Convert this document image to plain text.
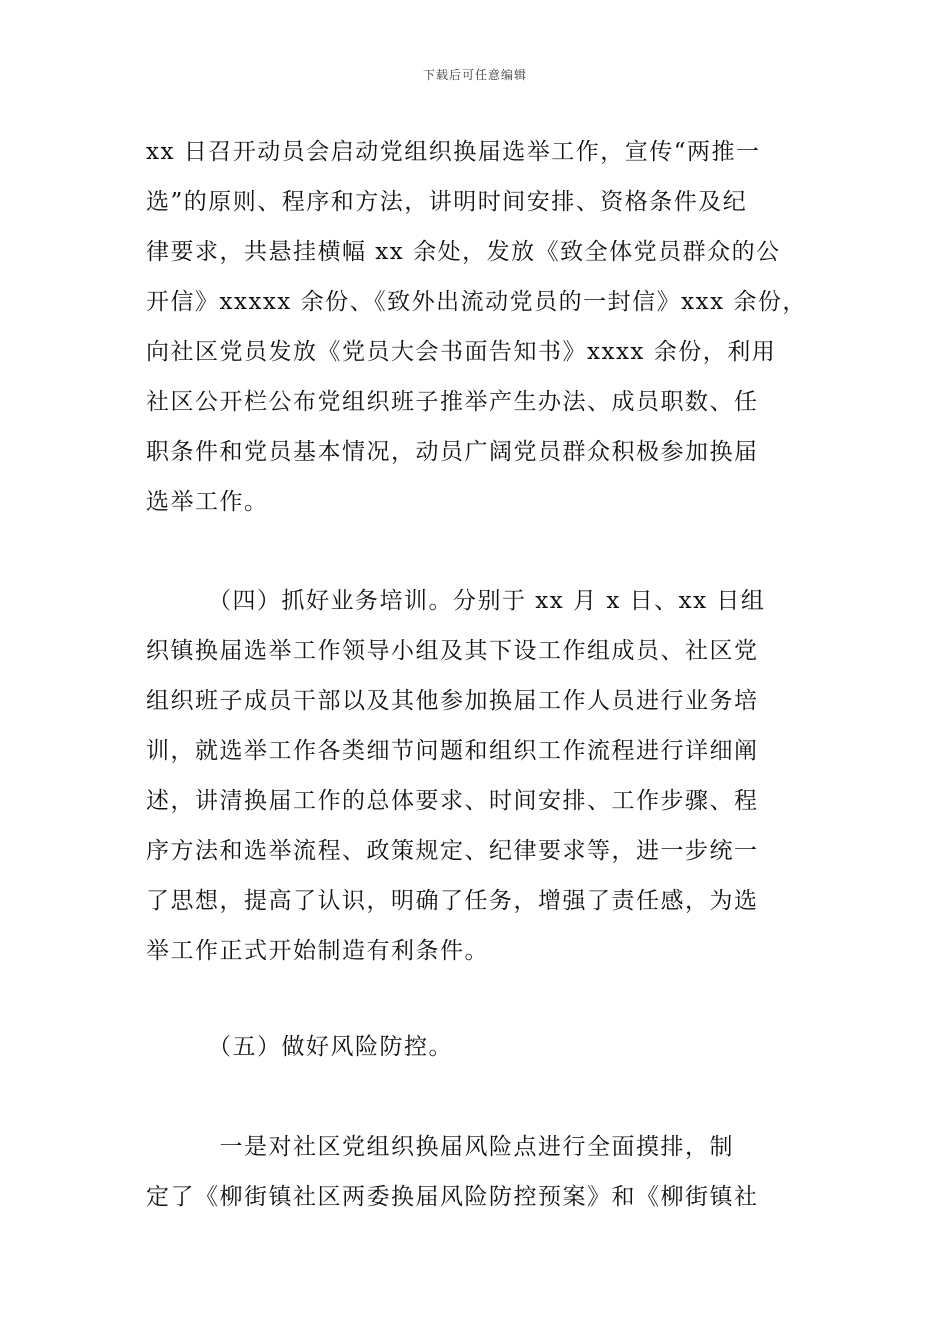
下载后可任意编辑
xx 日召开动员会启动党组织换届选举工作，宣传“两推一
选”的原则、程序和方法，讲明时间安排、资格条件及纪
律要求，共悬挂横幅 xx 余处，发放《致全体党员群众的公
开信》xxxxx 余份、《致外出流动党员的一封信》xxx 余份，
向社区党员发放《党员大会书面告知书》xxxx 余份，利用
社区公开栏公布党组织班子推举产生办法、成员职数、任
职条件和党员基本情况，动员广阔党员群众积极参加换届
选举工作。
　　　（四）抓好业务培训。分别于 xx 月 x 日、xx 日组
织镇换届选举工作领导小组及其下设工作组成员、社区党
组织班子成员干部以及其他参加换届工作人员进行业务培
训，就选举工作各类细节问题和组织工作流程进行详细阐
述，讲清换届工作的总体要求、时间安排、工作步骤、程
序方法和选举流程、政策规定、纪律要求等，进一步统一
了思想，提高了认识，明确了任务，增强了责任感，为选
举工作正式开始制造有利条件。
　　　（五）做好风险防控。
　　　一是对社区党组织换届风险点进行全面摸排，制
定了《柳街镇社区两委换届风险防控预案》和《柳街镇社
